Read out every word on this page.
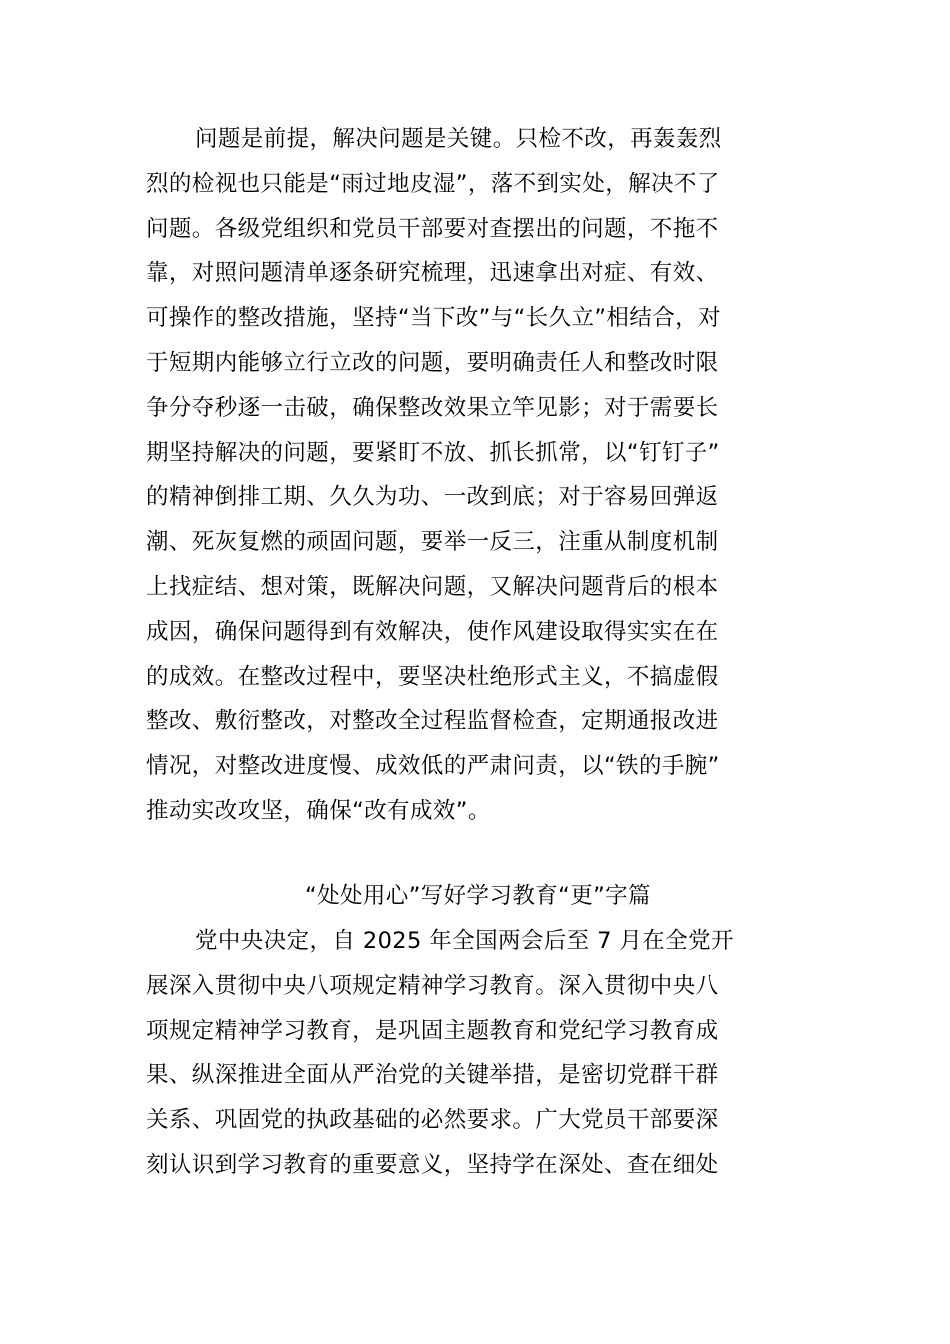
问题是前提，解决问题是关键。只检不改，再轰轰烈
烈的检视也只能是“雨过地皮湿”，落不到实处，解决不了
问题。各级党组织和党员干部要对查摆出的问题，不拖不
靠，对照问题清单逐条研究梳理，迅速拿出对症、有效、
可操作的整改措施，坚持“当下改”与“长久立”相结合，对
于短期内能够立行立改的问题，要明确责任人和整改时限
争分夺秒逐一击破，确保整改效果立竿见影；对于需要长
期坚持解决的问题，要紧盯不放、抓长抓常，以“钉钉子”
的精神倒排工期、久久为功、一改到底；对于容易回弹返
潮、死灰复燃的顽固问题，要举一反三，注重从制度机制
上找症结、想对策，既解决问题，又解决问题背后的根本
成因，确保问题得到有效解决，使作风建设取得实实在在
的成效。在整改过程中，要坚决杜绝形式主义，不搞虚假
整改、敷衍整改，对整改全过程监督检查，定期通报改进
情况，对整改进度慢、成效低的严肃问责，以“铁的手腕”
推动实改攻坚，确保“改有成效”。
“处处用心”写好学习教育“更”字篇
党中央决定，自 2025 年全国两会后至 7 月在全党开
展深入贯彻中央八项规定精神学习教育。深入贯彻中央八
项规定精神学习教育，是巩固主题教育和党纪学习教育成
果、纵深推进全面从严治党的关键举措，是密切党群干群
关系、巩固党的执政基础的必然要求。广大党员干部要深
刻认识到学习教育的重要意义，坚持学在深处、查在细处
